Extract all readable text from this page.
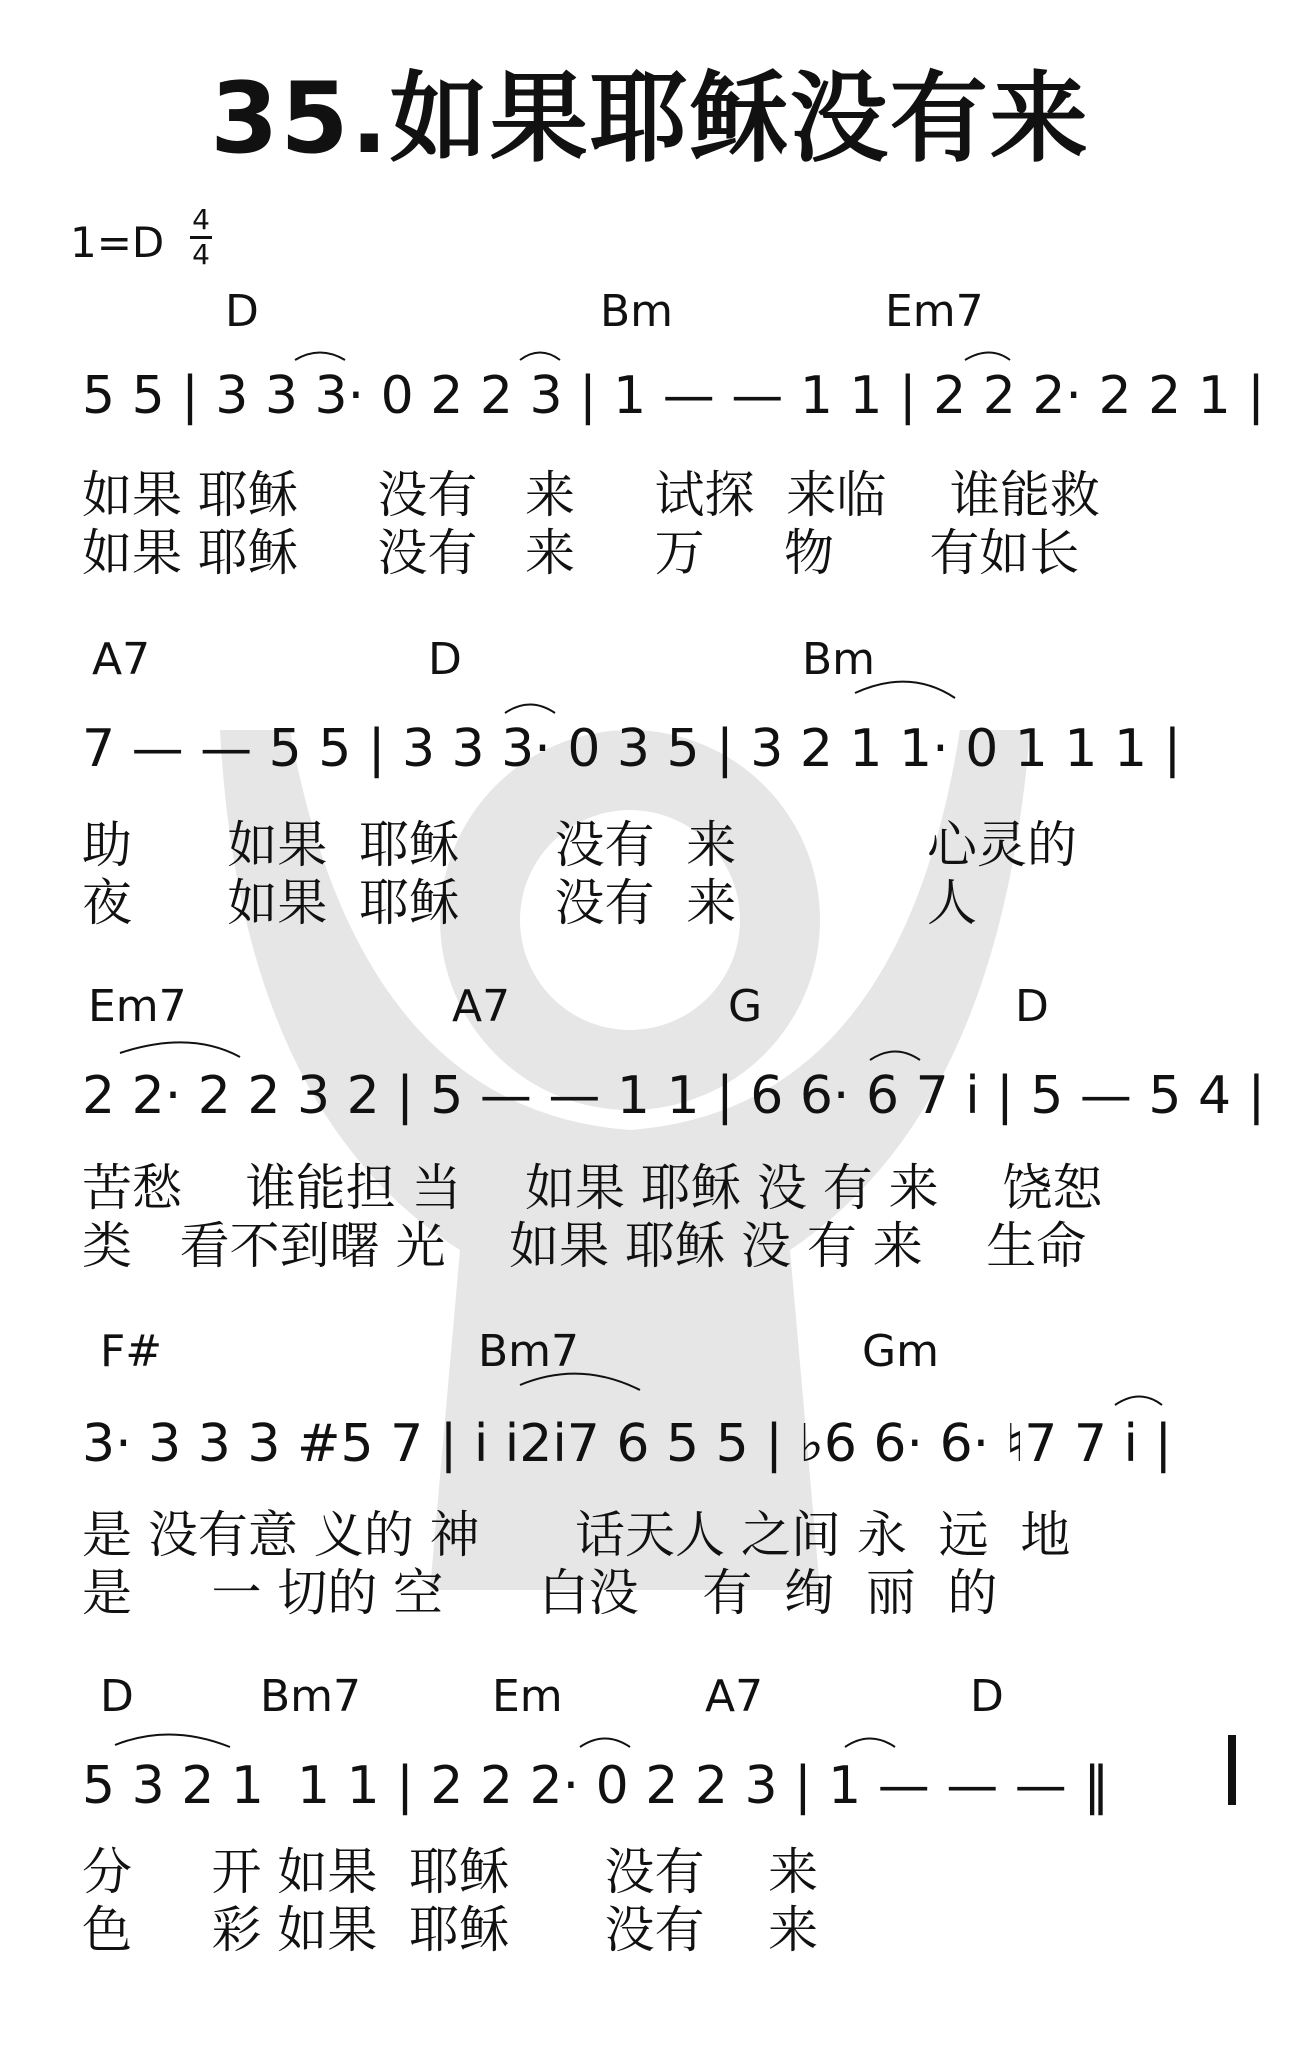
35.如果耶稣没有来
1=D 4
4
D	Bm	Em7
5 5 | 3 3 3· 0 2 2 3 | 1 — — 1 1 | 2 2 2· 2 2 1 |
如果 耶稣     没有   来     试探  来临    谁能救
如果 耶稣     没有   来     万     物      有如长
A7	D	Bm
7 — — 5 5 | 3 3 3· 0 3 5 | 3 2 1 1· 0 1 1 1 |
助      如果  耶稣      没有  来            心灵的
夜      如果  耶稣      没有  来            人
Em7	A7	G	D
2 2· 2 2 3 2 | 5 — — 1 1 | 6 6· 6 7 i | 5 — 5 4 |
苦愁    谁能担 当    如果 耶稣 没 有 来    饶恕
类   看不到曙 光    如果 耶稣 没 有 来    生命
F#	Bm7	Gm
3· 3 3 3 #5 7 | i i2i7 6 5 5 | ♭6 6· 6· ♮7 7 i |
是 没有意 义的 神      话天人 之间 永  远  地
是     一 切的 空      白没    有  绚  丽  的
D	Bm7	Em	A7	D
5 3 2 1  1 1 | 2 2 2· 0 2 2 3 | 1 — — — ‖
分     开 如果  耶稣      没有    来
色     彩 如果  耶稣      没有    来
